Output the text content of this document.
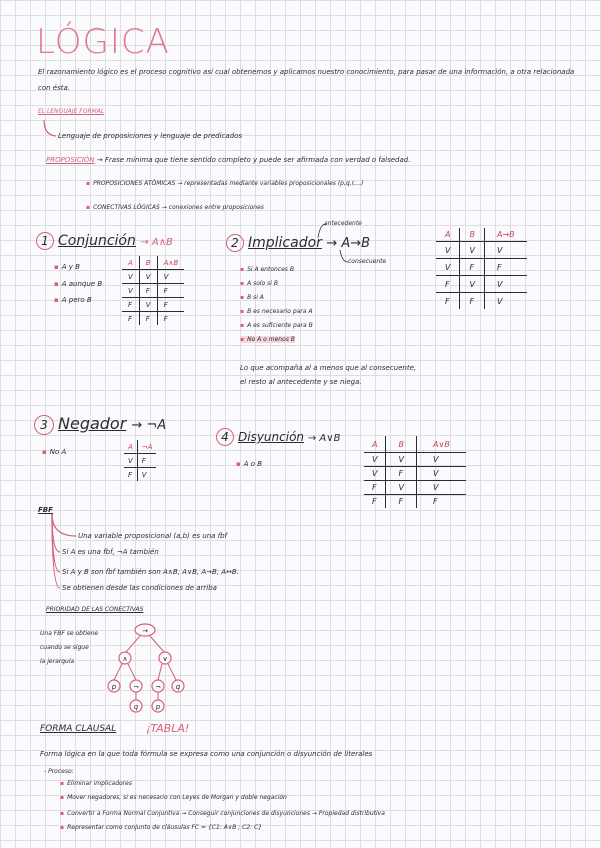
LÓGICA
El razonamiento lógico es el proceso cognitivo así cual obtenemos y aplicamos nuestro conocimiento, para pasar de una información, a otra relacionada
con ésta.
EL LENGUAJE FORMAL
Lenguaje de proposiciones y lenguaje de predicados
PROPOSICIÓN → Frase mínima que tiene sentido completo y puede ser afirmada con verdad o falsedad.
▪ PROPOSICIONES ATÓMICAS → representadas mediante variables proposicionales (p,q,r,...)
▪ CONECTIVAS LÓGICAS → conexiones entre proposiciones
1 Conjunción → A∧B
▪ A y B
▪ A aunque B
▪ A pero B
A	B	A∧B
V	V	V
V	F	F
F	V	F
F	F	F
antecedente
2 Implicador → A→B
consecuente
▪ Si A entonces B
▪ A solo si B
▪ B si A
▪ B es necesario para A
▪ A es suficiente para B
▪ No A o menos B
Lo que acompaña al a menos que al consecuente,
el resto al antecedente y se niega.
A	B	A→B
V	V	V
V	F	F
F	V	V
F	F	V
3 Negador → ¬A
▪ No A
A	¬A
V	F
F	V
4 Disyunción → A∨B
▪ A o B
A	B	A∨B
V	V	V
V	F	V
F	V	V
F	F	F
FBF
Una variable proposicional (a,b) es una fbf
Si A es una fbf, ¬A también
Si A y B son fbf también son A∧B, A∨B, A→B, A↔B.
Se obtienen desde las condiciones de arriba
PRIORIDAD DE LAS CONECTIVAS
Una FBF se obtiene
cuando se sigue
la jerarquía
FORMA CLAUSAL	¡TABLA!
Forma lógica en la que toda fórmula se expresa como una conjunción o disyunción de literales
- Proceso:
▪ Eliminar implicadores
▪ Mover negadores, si es necesario con Leyes de Morgan y doble negación
▪ Convertir a Forma Normal Conjuntiva → Conseguir conjunciones de disyunciones → Propiedad distributiva
▪ Representar como conjunto de cláusulas FC = {C1: A∨B ; C2: C}
→
∧	∨
p ¬ ¬ q
q	p
